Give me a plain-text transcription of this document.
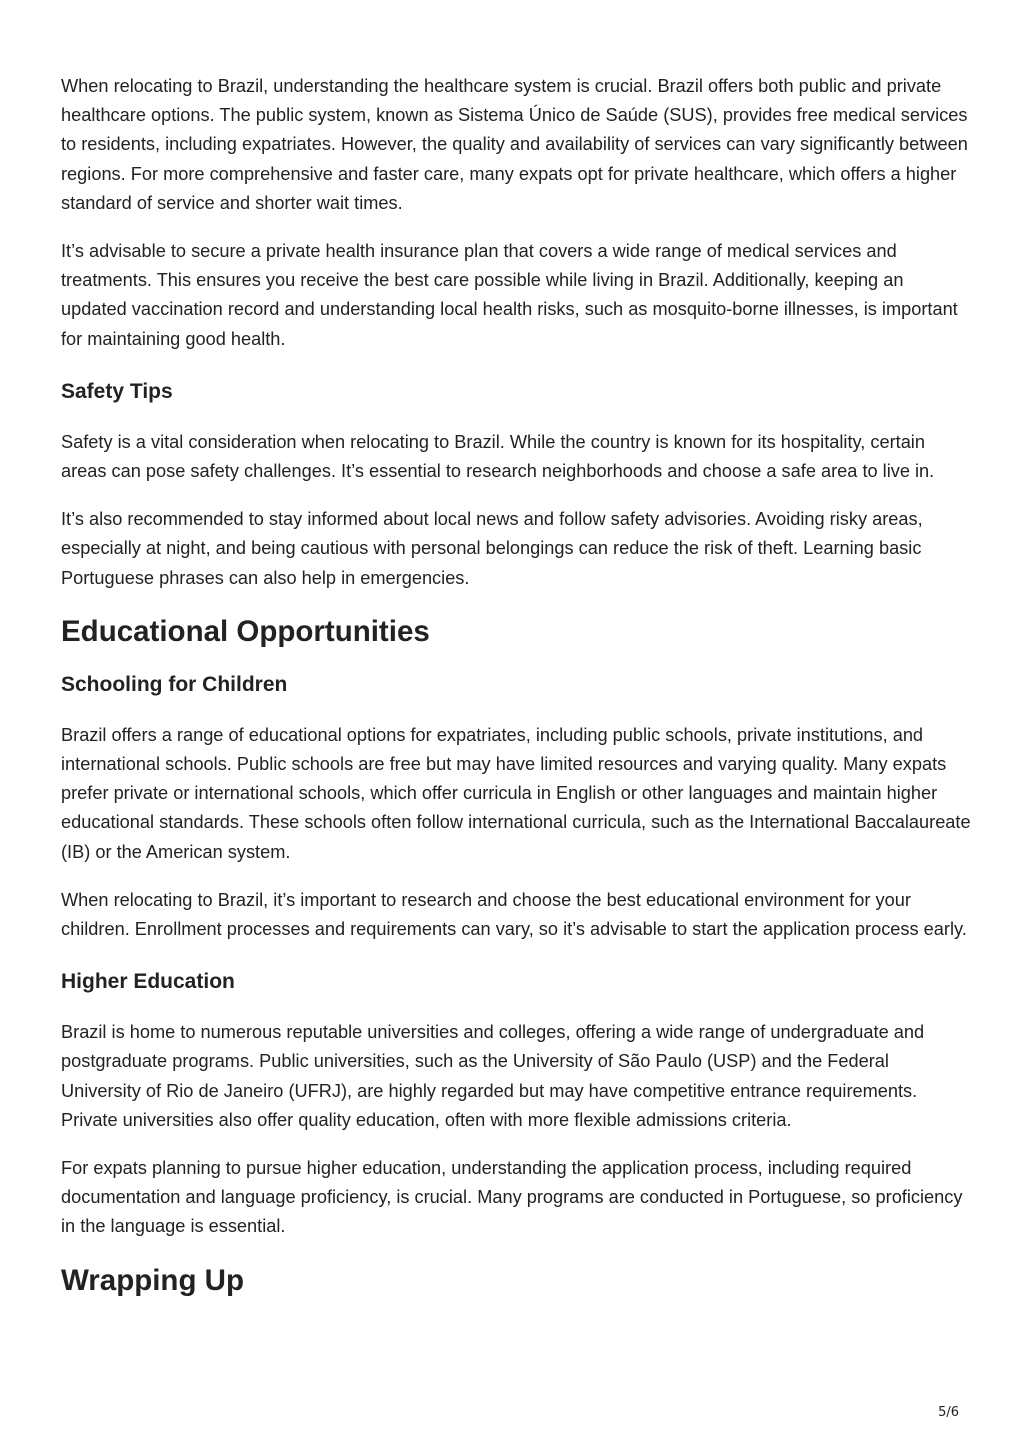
When relocating to Brazil, understanding the healthcare system is crucial. Brazil offers both public and private healthcare options. The public system, known as Sistema Único de Saúde (SUS), provides free medical services to residents, including expatriates. However, the quality and availability of services can vary significantly between regions. For more comprehensive and faster care, many expats opt for private healthcare, which offers a higher standard of service and shorter wait times.

It’s advisable to secure a private health insurance plan that covers a wide range of medical services and treatments. This ensures you receive the best care possible while living in Brazil. Additionally, keeping an updated vaccination record and understanding local health risks, such as mosquito-borne illnesses, is important for maintaining good health.

Safety Tips

Safety is a vital consideration when relocating to Brazil. While the country is known for its hospitality, certain areas can pose safety challenges. It’s essential to research neighborhoods and choose a safe area to live in.

It’s also recommended to stay informed about local news and follow safety advisories. Avoiding risky areas, especially at night, and being cautious with personal belongings can reduce the risk of theft. Learning basic Portuguese phrases can also help in emergencies.

Educational Opportunities
Schooling for Children

Brazil offers a range of educational options for expatriates, including public schools, private institutions, and international schools. Public schools are free but may have limited resources and varying quality. Many expats prefer private or international schools, which offer curricula in English or other languages and maintain higher educational standards. These schools often follow international curricula, such as the International Baccalaureate (IB) or the American system.

When relocating to Brazil, it’s important to research and choose the best educational environment for your children. Enrollment processes and requirements can vary, so it’s advisable to start the application process early.

Higher Education

Brazil is home to numerous reputable universities and colleges, offering a wide range of undergraduate and postgraduate programs. Public universities, such as the University of São Paulo (USP) and the Federal University of Rio de Janeiro (UFRJ), are highly regarded but may have competitive entrance requirements. Private universities also offer quality education, often with more flexible admissions criteria.

For expats planning to pursue higher education, understanding the application process, including required documentation and language proficiency, is crucial. Many programs are conducted in Portuguese, so proficiency in the language is essential.

Wrapping Up
5/6
